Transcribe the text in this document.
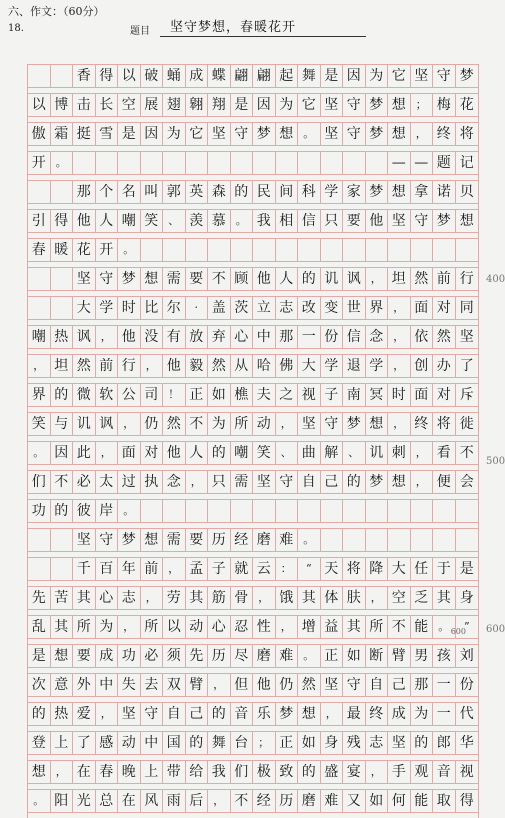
六、作文：（60分）
18.	题目	坚守梦想，春暖花开

香 得 以 破 蛹 成 蝶 翩 翩 起 舞 是 因 为 它 坚 守 梦
以 博 击 长 空 展 翅 翱 翔 是 因 为 它 坚 守 梦 想 ； 梅 花
傲 霜 挺 雪 是 因 为 它 坚 守 梦 想 。 坚 守 梦 想 ， 终 将
开 。

　	— — 题 记

那 个 名 叫 郭 英 森 的 民 间 科 学 家 梦 想 拿 诺 贝
引 得 他 人 嘲 笑 、 羡 慕 。 我 相 信 只 要 他 坚 守 梦 想
春 暖 花 开 。

坚 守 梦 想 需 要 不 顾 他 人 的 讥 讽 ， 坦 然 前 行

大 学 时 比 尔	· 盖 茨 立 志 改 变 世 界 ， 面 对 同
嘲 热 讽 ， 他 没 有 放 弃 心 中 那 一 份 信 念 ， 依 然 坚
， 坦 然 前 行 ， 他 毅 然 从 哈 佛 大 学 退 学 ， 创 办 了
界 的 微 软 公 司 ！ 正 如 樵 夫 之 视 子 南 冥 时 面 对 斥
笑 与 讥 讽 ， 仍 然 不 为 所 动 ， 坚 守 梦 想 ， 终 将 徙
。 因 此 ， 面 对 他 人 的 嘲 笑 、 曲 解 、 讥 刺 ， 看 不
们 不 必 太 过 执 念 ， 只 需 坚 守 自 己 的 梦 想 ， 便 会
功 的 彼 岸 。

坚 守 梦 想 需 要 历 经 磨 难 。

千 百 年 前 ， 孟 子 就 云 ：	“ 天 将 降 大 任 于 是
先 苦 其 心 志 ， 劳 其 筋 骨 ， 饿 其 体 肤 ， 空 乏 其 身
乱 其 所 为 ， 所 以 动 心 忍 性 ， 增 益 其 所 不 能 。	”
是 想 要 成 功 必 须 先 历 尽 磨 难 。 正 如 断 臂 男 孩 刘
次 意 外 中 失 去 双 臂 ， 但 他 仍 然 坚 守 自 己 那 一 份
的 热 爱 ， 坚 守 自 己 的 音 乐 梦 想 ， 最 终 成 为 一 代
登 上 了 感 动 中 国 的 舞 台 ； 正 如 身 残 志 坚 的 郎 华
想 ， 在 春 晚 上 带 给 我 们 极 致 的 盛 宴 ， 手 观 音 视
。 阳 光 总 在 风 雨 后 ， 不 经 历 磨 难 又 如 何 能 取 得
400
500
600
600
